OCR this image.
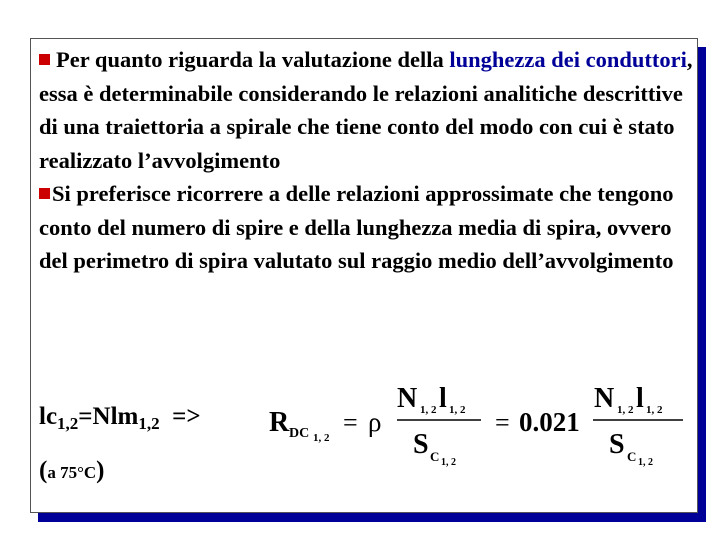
Per quanto riguarda la valutazione della lunghezza dei conduttori, essa è determinabile considerando le relazioni analitiche descrittive di una traiettoria a spirale che tiene conto del modo con cui è stato realizzato l’avvolgimento

Si preferisce ricorrere a delle relazioni approssimate che tengono conto del numero di spire e della lunghezza media di spira, ovvero del perimetro di spira valutato sul raggio medio dell’avvolgimento

$lc_{1,2}=Nlm_{1,2}$ =>
(a 75°C)
R DC 1, 2
= ρ
N 1, 2 l 1, 2
S C 1, 2
= 0.021
N 1, 2 l 1, 2
S C 1, 2
